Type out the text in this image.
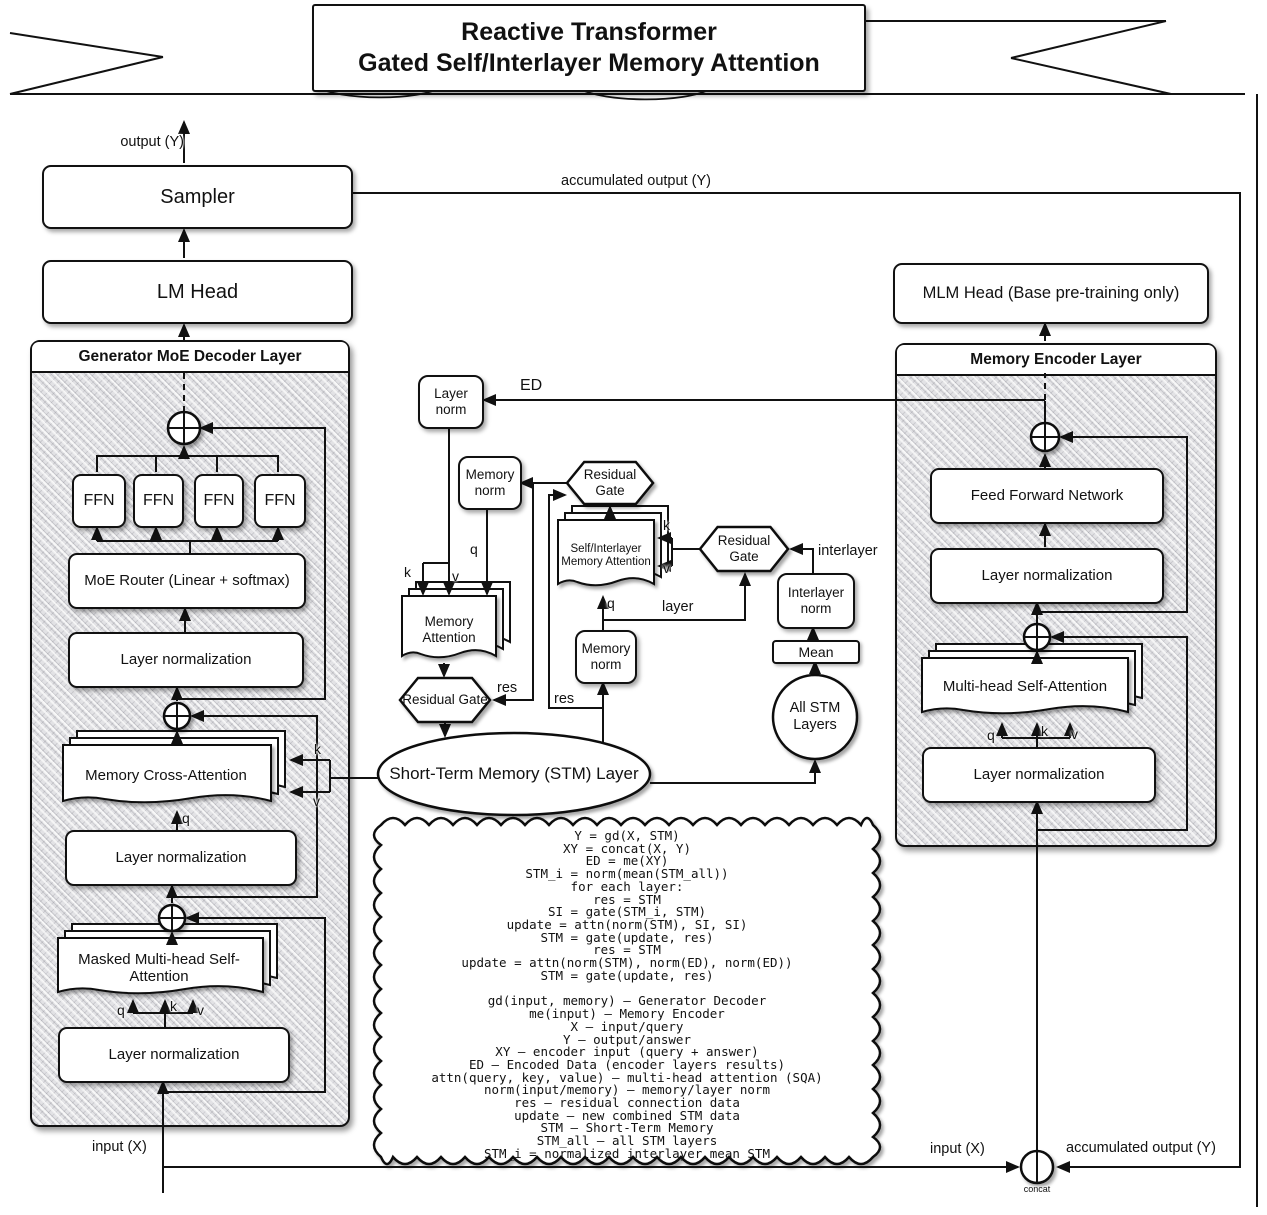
Reactive Transformer
Gated Self/Interlayer Memory Attention
Generator MoE Decoder Layer	Memory Encoder Layer
Sampler
LM Head	MLM Head (Base pre-training only)
FFN	FFN	FFN	FFN
MoE Router (Linear + softmax)
Layer normalization
Layer normalization
Layer normalization
Feed Forward Network
Layer normalization
Layer normalization
Layer norm
Memory norm
Memory norm
Interlayer norm
Mean
All STM Layers
Short-Term Memory (STM) Layer
Memory Cross-Attention
Masked Multi-head Self-Attention
Multi-head Self-Attention
Self/Interlayer Memory Attention
Memory Attention
Residual Gate
Residual Gate
Residual Gate
output (Y)
accumulated output (Y)
ED
k	v
q
k
v
q	layer
interlayer
res
res
k
v
q
q	k v
q	k v
input (X)	input (X)	accumulated output (Y)
concat
Y = gd(X, STM)
XY = concat(X, Y)
ED = me(XY)
STM_i = norm(mean(STM_all))
for each layer:
res = STM
SI = gate(STM_i, STM)
update = attn(norm(STM), SI, SI)
STM = gate(update, res)
res = STM
update = attn(norm(STM), norm(ED), norm(ED))
STM = gate(update, res)
gd(input, memory) – Generator Decoder
me(input) – Memory Encoder
X – input/query
Y – output/answer
XY – encoder input (query + answer)
ED – Encoded Data (encoder layers results)
attn(query, key, value) – multi-head attention (SQA)
norm(input/memory) – memory/layer norm
res – residual connection data
update – new combined STM data
STM – Short-Term Memory
STM_all – all STM layers
STM_i = normalized interlayer mean STM
